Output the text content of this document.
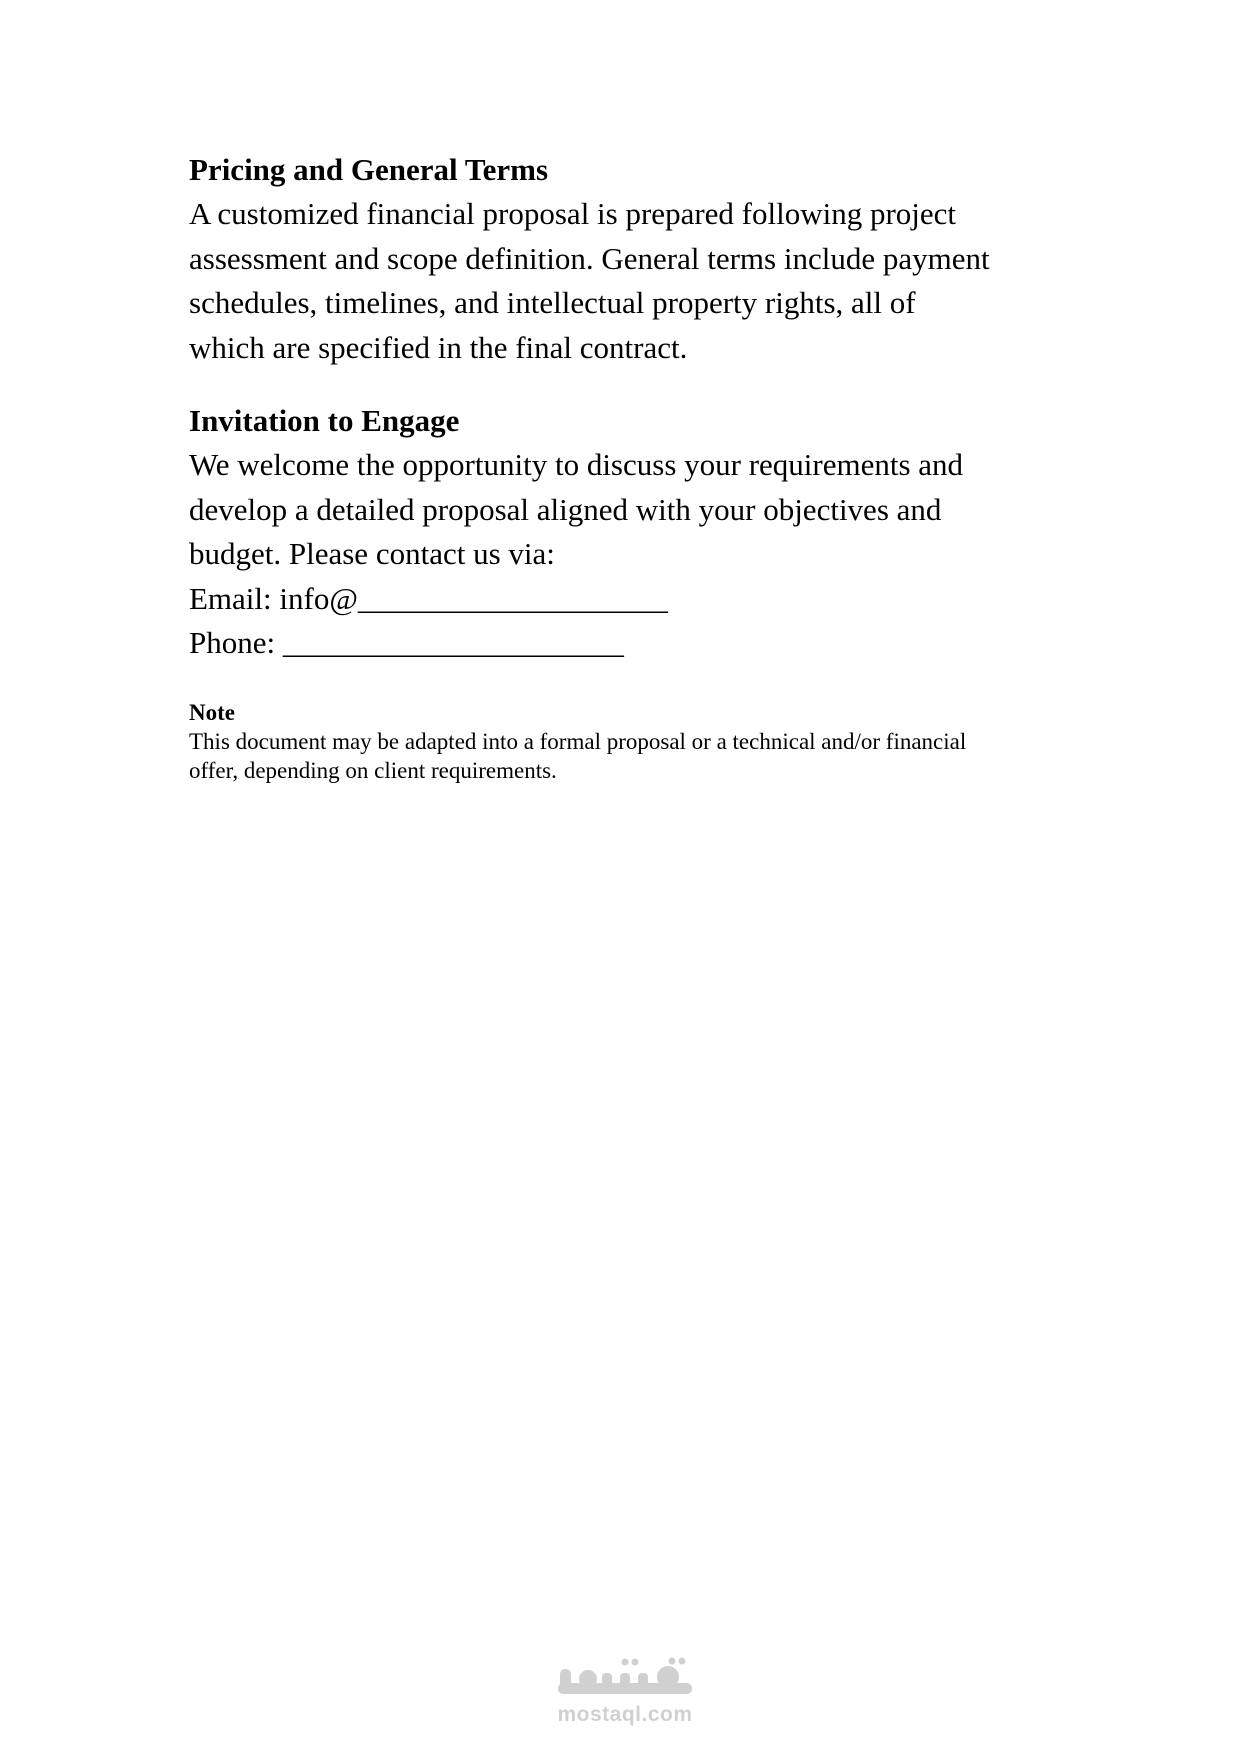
Pricing and General Terms

A customized financial proposal is prepared following project
assessment and scope definition. General terms include payment
schedules, timelines, and intellectual property rights, all of
which are specified in the final contract.

Invitation to Engage

We welcome the opportunity to discuss your requirements and
develop a detailed proposal aligned with your objectives and
budget. Please contact us via:
Email: info@____________________
Phone: ______________________

Note

This document may be adapted into a formal proposal or a technical and/or financial
offer, depending on client requirements.

mostaql.com
